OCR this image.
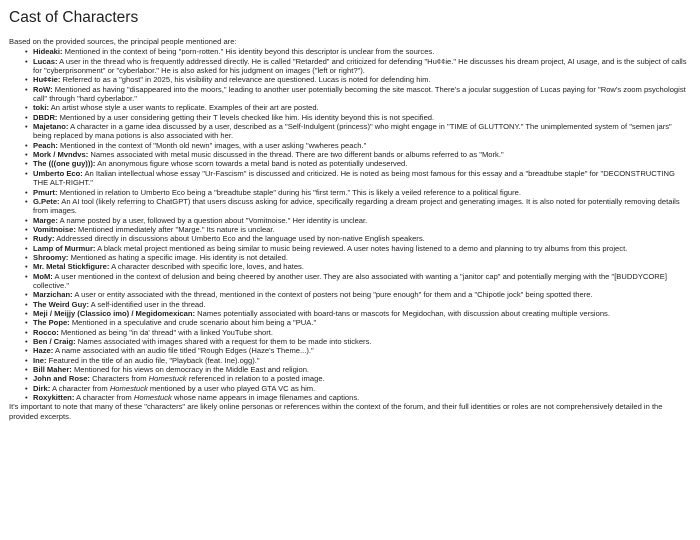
Cast of Characters

Based on the provided sources, the principal people mentioned are:

• Hideaki: Mentioned in the context of being "porn-rotten." His identity beyond this descriptor is unclear from the sources.
• Lucas: A user in the thread who is frequently addressed directly. He is called "Retarded" and criticized for defending "Hu¢¢ie." He discusses his dream project, AI usage, and is the subject of calls for "cyberprisonment" or "cyberlabor." He is also asked for his judgment on images ("left or right?").
• Hu¢¢ie: Referred to as a "ghost" in 2025, his visibility and relevance are questioned. Lucas is noted for defending him.
• RoW: Mentioned as having "disappeared into the moors," leading to another user potentially becoming the site mascot. There's a jocular suggestion of Lucas paying for "Row's zoom psychologist call" through "hard cyberlabor."
• toki: An artist whose style a user wants to replicate. Examples of their art are posted.
• DBDR: Mentioned by a user considering getting their T levels checked like him. His identity beyond this is not specified.
• Majetano: A character in a game idea discussed by a user, described as a "Self-Indulgent (princess)" who might engage in "TIME of GLUTTONY." The unimplemented system of "semen jars" being replaced by mana potions is also associated with her.
• Peach: Mentioned in the context of "Month old newn" images, with a user asking "wwheres peach."
• Mork / Mvndvs: Names associated with metal music discussed in the thread. There are two different bands or albums referred to as "Mork."
• The (((one guy))): An anonymous figure whose scorn towards a metal band is noted as potentially undeserved.
• Umberto Eco: An Italian intellectual whose essay "Ur-Fascism" is discussed and criticized. He is noted as being most famous for this essay and a "breadtube staple" for "DECONSTRUCTING THE ALT-RIGHT."
• Pmurt: Mentioned in relation to Umberto Eco being a "breadtube staple" during his "first term." This is likely a veiled reference to a political figure.
• G.Pete: An AI tool (likely referring to ChatGPT) that users discuss asking for advice, specifically regarding a dream project and generating images. It is also noted for potentially removing details from images.
• Marge: A name posted by a user, followed by a question about "Vomitnoise." Her identity is unclear.
• Vomitnoise: Mentioned immediately after "Marge." Its nature is unclear.
• Rudy: Addressed directly in discussions about Umberto Eco and the language used by non-native English speakers.
• Lamp of Murmur: A black metal project mentioned as being similar to music being reviewed. A user notes having listened to a demo and planning to try albums from this project.
• Shroomy: Mentioned as hating a specific image. His identity is not detailed.
• Mr. Metal Stickfigure: A character described with specific lore, loves, and hates.
• MoM: A user mentioned in the context of delusion and being cheered by another user. They are also associated with wanting a "janitor cap" and potentially merging with the "[BUDDYCORE] collective."
• Marzichan: A user or entity associated with the thread, mentioned in the context of posters not being "pure enough" for them and a "Chipotle jock" being spotted there.
• The Weird Guy: A self-identified user in the thread.
• Meji / Meijjy (Classico imo) / Megidomexican: Names potentially associated with board-tans or mascots for Megidochan, with discussion about creating multiple versions.
• The Pope: Mentioned in a speculative and crude scenario about him being a "PUA."
• Rocco: Mentioned as being "in da' thread" with a linked YouTube short.
• Ben / Craig: Names associated with images shared with a request for them to be made into stickers.
• Haze: A name associated with an audio file titled "Rough Edges (Haze's Theme...)."
• Ine: Featured in the title of an audio file, "Playback (feat. Ine).ogg)."
• Bill Maher: Mentioned for his views on democracy in the Middle East and religion.
• John and Rose: Characters from Homestuck referenced in relation to a posted image.
• Dirk: A character from Homestuck mentioned by a user who played GTA VC as him.
• Roxykitten: A character from Homestuck whose name appears in image filenames and captions.

It's important to note that many of these "characters" are likely online personas or references within the context of the forum, and their full identities or roles are not comprehensively detailed in the provided excerpts.
